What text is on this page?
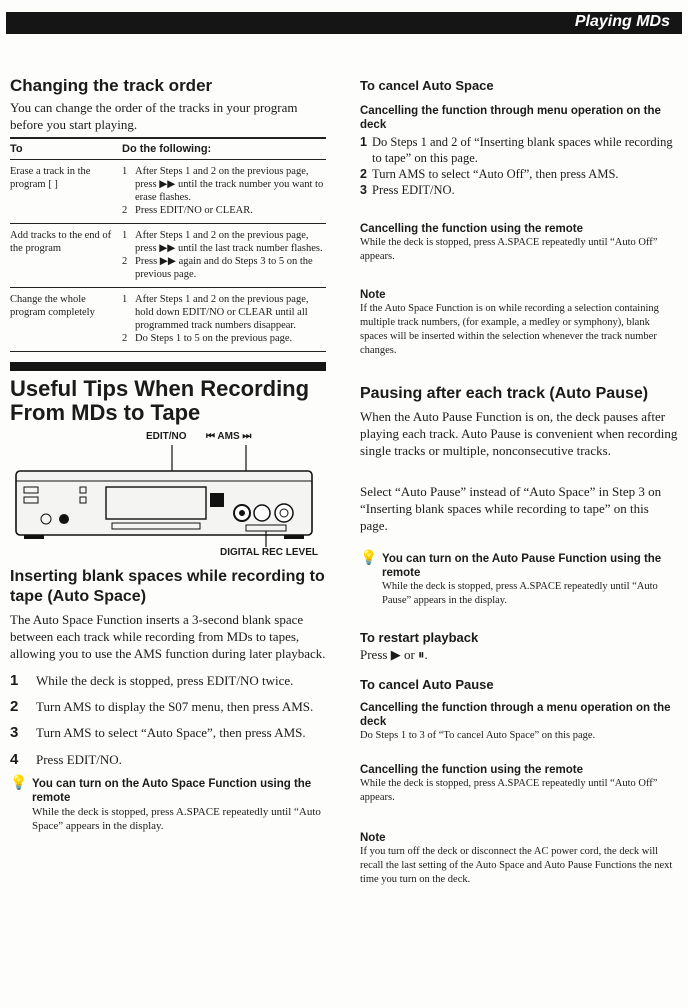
Playing MDs
Changing the track order

You can change the order of the tracks in your program before you start playing.

To	Do the following:
Erase a track in the program [ ]	1 After Steps 1 and 2 on the previous page, press ▶▶ until the track number you want to erase flashes.
2 Press EDIT/NO or CLEAR.

Add tracks to the end of the program	1 After Steps 1 and 2 on the previous page, press ▶▶ until the last track number flashes.
2 Press ▶▶ again and do Steps 3 to 5 on the previous page.

Change the whole program completely	1 After Steps 1 and 2 on the previous page, hold down EDIT/NO or CLEAR until all programmed track numbers disappear.
2 Do Steps 1 to 5 on the previous page.
Useful Tips When Recording
From MDs to Tape
EDIT/NO ⏮ AMS ⏭
DIGITAL REC LEVEL
Inserting blank spaces while recording to
tape (Auto Space)

The Auto Space Function inserts a 3-second blank space between each track while recording from MDs to tapes, allowing you to use the AMS function during later playback.

1	While the deck is stopped, press EDIT/NO twice.
2	Turn AMS to display the S07 menu, then press AMS.
3	Turn AMS to select “Auto Space”, then press AMS.
4	Press EDIT/NO.
💡 You can turn on the Auto Space Function using the remote

While the deck is stopped, press A.SPACE repeatedly until “Auto Space” appears in the display.

To cancel Auto Space
Cancelling the function through menu operation on the deck
1 Do Steps 1 and 2 of “Inserting blank spaces while recording to tape” on this page.
2 Turn AMS to select “Auto Off”, then press AMS.
3 Press EDIT/NO.
Cancelling the function using the remote

While the deck is stopped, press A.SPACE repeatedly until “Auto Off” appears.

Note

If the Auto Space Function is on while recording a selection containing multiple track numbers, (for example, a medley or symphony), blank spaces will be inserted within the selection whenever the track number changes.

Pausing after each track (Auto Pause)

When the Auto Pause Function is on, the deck pauses after playing each track. Auto Pause is convenient when recording single tracks or multiple, nonconsecutive tracks.

Select “Auto Pause” instead of “Auto Space” in Step 3 on “Inserting blank spaces while recording to tape” on this page.

💡 You can turn on the Auto Pause Function using the remote

While the deck is stopped, press A.SPACE repeatedly until “Auto Pause” appears in the display.

To restart playback

Press ▶ or ⏸.

To cancel Auto Pause
Cancelling the function through a menu operation on the deck

Do Steps 1 to 3 of “To cancel Auto Space” on this page.

Cancelling the function using the remote

While the deck is stopped, press A.SPACE repeatedly until “Auto Off” appears.

Note

If you turn off the deck or disconnect the AC power cord, the deck will recall the last setting of the Auto Space and Auto Pause Functions the next time you turn on the deck.
